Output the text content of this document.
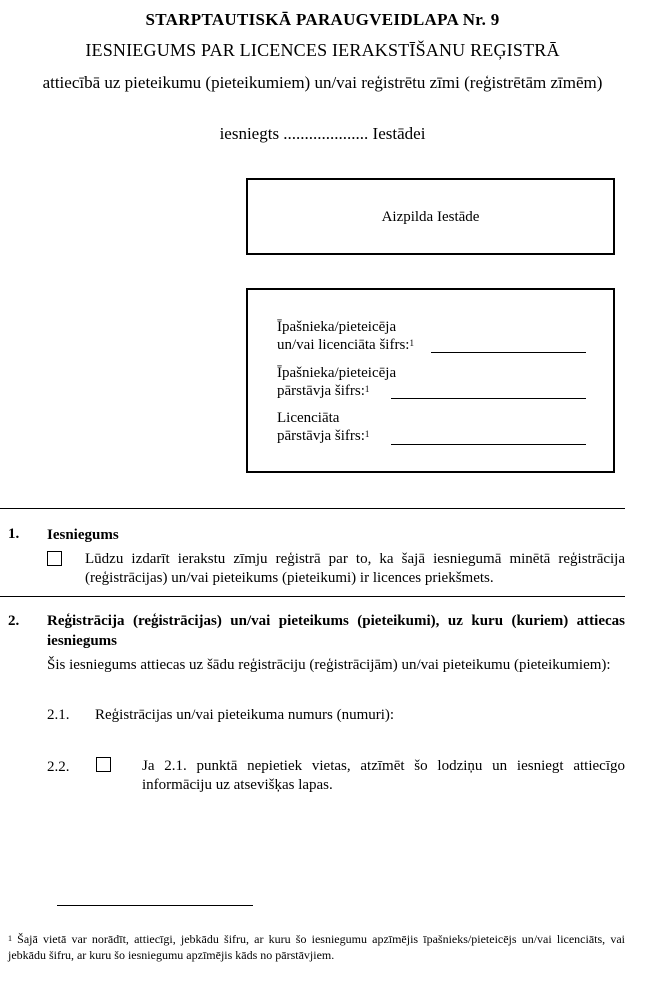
STARPTAUTISKĀ PARAUGVEIDLAPA Nr. 9
IESNIEGUMS PAR LICENCES IERAKSTĪŠANU REĢISTRĀ
attiecībā uz pieteikumu (pieteikumiem) un/vai reģistrētu zīmi (reģistrētām zīmēm)
iesniegts .................... Iestādei
Aizpilda Iestāde
Īpašnieka/pieteicēja
un/vai licenciāta šifrs:$^1$
Īpašnieka/pieteicēja
pārstāvja šifrs:$^1$
Licenciāta
pārstāvja šifrs:$^1$
1. Iesniegums
Lūdzu izdarīt ierakstu zīmju reģistrā par to, ka šajā iesniegumā minētā reģistrācija (reģistrācijas) un/vai pieteikums (pieteikumi) ir licences priekšmets.
2. Reģistrācija (reģistrācijas) un/vai pieteikums (pieteikumi), uz kuru (kuriem) attiecas iesniegums
Šis iesniegums attiecas uz šādu reģistrāciju (reģistrācijām) un/vai pieteikumu (pieteikumiem):
2.1. Reģistrācijas un/vai pieteikuma numurs (numuri):
2.2.	Ja 2.1. punktā nepietiek vietas, atzīmēt šo lodziņu un iesniegt attiecīgo informāciju uz atsevišķas lapas.
$^1$ Šajā vietā var norādīt, attiecīgi, jebkādu šifru, ar kuru šo iesniegumu apzīmējis īpašnieks/pieteicējs un/vai licenciāts, vai jebkādu šifru, ar kuru šo iesniegumu apzīmējis kāds no pārstāvjiem.
